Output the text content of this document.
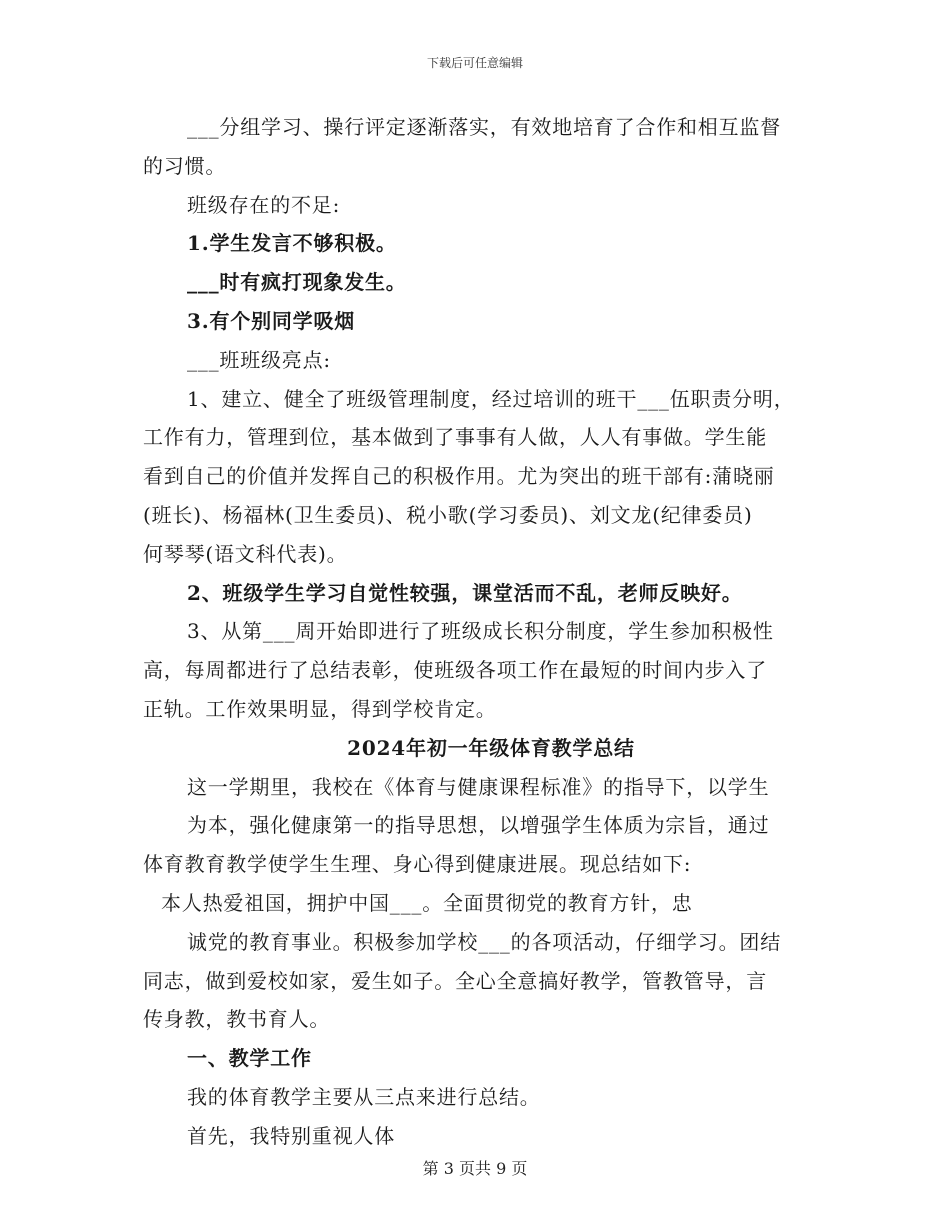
下载后可任意编辑
___分组学习、操行评定逐渐落实，有效地培育了合作和相互监督
的习惯。
班级存在的不足:
1.学生发言不够积极。
___时有疯打现象发生。
3.有个别同学吸烟
___班班级亮点:
1、建立、健全了班级管理制度，经过培训的班干___伍职责分明，
工作有力，管理到位，基本做到了事事有人做，人人有事做。学生能
看到自己的价值并发挥自己的积极作用。尤为突出的班干部有:蒲晓丽
(班长)、杨福林(卫生委员)、税小歌(学习委员)、刘文龙(纪律委员)
何琴琴(语文科代表)。
2、班级学生学习自觉性较强，课堂活而不乱，老师反映好。
3、从第___周开始即进行了班级成长积分制度，学生参加积极性
高，每周都进行了总结表彰，使班级各项工作在最短的时间内步入了
正轨。工作效果明显，得到学校肯定。
2024年初一年级体育教学总结
这一学期里，我校在《体育与健康课程标准》的指导下，以学生
为本，强化健康第一的指导思想，以增强学生体质为宗旨，通过
体育教育教学使学生生理、身心得到健康进展。现总结如下:
本人热爱祖国，拥护中国___。全面贯彻党的教育方针，忠
诚党的教育事业。积极参加学校___的各项活动，仔细学习。团结
同志，做到爱校如家，爱生如子。全心全意搞好教学，管教管导，言
传身教，教书育人。
一、教学工作
我的体育教学主要从三点来进行总结。
首先，我特别重视人体
第 3 页共 9 页
